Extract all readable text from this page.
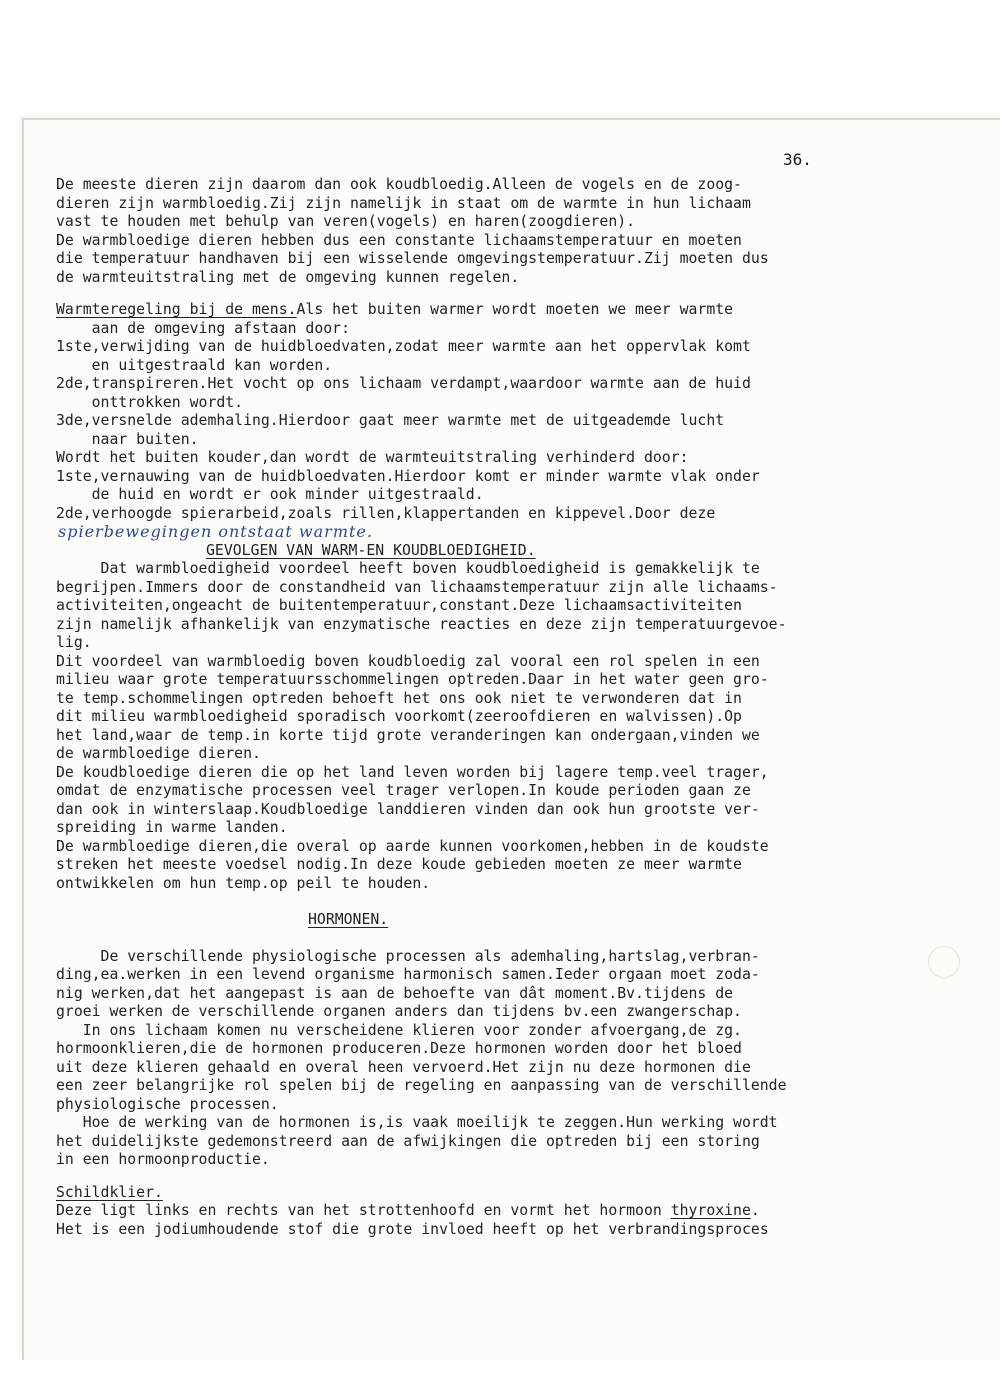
36.
De meeste dieren zijn daarom dan ook koudbloedig.Alleen de vogels en de zoog-
dieren zijn warmbloedig.Zij zijn namelijk in staat om de warmte in hun lichaam
vast te houden met behulp van veren(vogels) en haren(zoogdieren).
De warmbloedige dieren hebben dus een constante lichaamstemperatuur en moeten
die temperatuur handhaven bij een wisselende omgevingstemperatuur.Zij moeten dus
de warmteuitstraling met de omgeving kunnen regelen.
Warmteregeling bij de mens.Als het buiten warmer wordt moeten we meer warmte
aan de omgeving afstaan door:
1ste,verwijding van de huidbloedvaten,zodat meer warmte aan het oppervlak komt
en uitgestraald kan worden.
2de,transpireren.Het vocht op ons lichaam verdampt,waardoor warmte aan de huid
onttrokken wordt.
3de,versnelde ademhaling.Hierdoor gaat meer warmte met de uitgeademde lucht
naar buiten.
Wordt het buiten kouder,dan wordt de warmteuitstraling verhinderd door:
1ste,vernauwing van de huidbloedvaten.Hierdoor komt er minder warmte vlak onder
de huid en wordt er ook minder uitgestraald.
2de,verhoogde spierarbeid,zoals rillen,klappertanden en kippevel.Door deze
spierbewegingen ontstaat warmte.
GEVOLGEN VAN WARM-EN KOUDBLOEDIGHEID.
Dat warmbloedigheid voordeel heeft boven koudbloedigheid is gemakkelijk te
begrijpen.Immers door de constandheid van lichaamstemperatuur zijn alle lichaams-
activiteiten,ongeacht de buitentemperatuur,constant.Deze lichaamsactiviteiten
zijn namelijk afhankelijk van enzymatische reacties en deze zijn temperatuurgevoe-
lig.
Dit voordeel van warmbloedig boven koudbloedig zal vooral een rol spelen in een
milieu waar grote temperatuursschommelingen optreden.Daar in het water geen gro-
te temp.schommelingen optreden behoeft het ons ook niet te verwonderen dat in
dit milieu warmbloedigheid sporadisch voorkomt(zeeroofdieren en walvissen).Op
het land,waar de temp.in korte tijd grote veranderingen kan ondergaan,vinden we
de warmbloedige dieren.
De koudbloedige dieren die op het land leven worden bij lagere temp.veel trager,
omdat de enzymatische processen veel trager verlopen.In koude perioden gaan ze
dan ook in winterslaap.Koudbloedige landdieren vinden dan ook hun grootste ver-
spreiding in warme landen.
De warmbloedige dieren,die overal op aarde kunnen voorkomen,hebben in de koudste
streken het meeste voedsel nodig.In deze koude gebieden moeten ze meer warmte
ontwikkelen om hun temp.op peil te houden.
HORMONEN.
De verschillende physiologische processen als ademhaling,hartslag,verbran-
ding,ea.werken in een levend organisme harmonisch samen.Ieder orgaan moet zoda-
nig werken,dat het aangepast is aan de behoefte van dât moment.Bv.tijdens de
groei werken de verschillende organen anders dan tijdens bv.een zwangerschap.
In ons lichaam komen nu verscheidene klieren voor zonder afvoergang,de zg.
hormoonklieren,die de hormonen produceren.Deze hormonen worden door het bloed
uit deze klieren gehaald en overal heen vervoerd.Het zijn nu deze hormonen die
een zeer belangrijke rol spelen bij de regeling en aanpassing van de verschillende
physiologische processen.
Hoe de werking van de hormonen is,is vaak moeilijk te zeggen.Hun werking wordt
het duidelijkste gedemonstreerd aan de afwijkingen die optreden bij een storing
in een hormoonproductie.
Schildklier.
Deze ligt links en rechts van het strottenhoofd en vormt het hormoon thyroxine.
Het is een jodiumhoudende stof die grote invloed heeft op het verbrandingsproces
